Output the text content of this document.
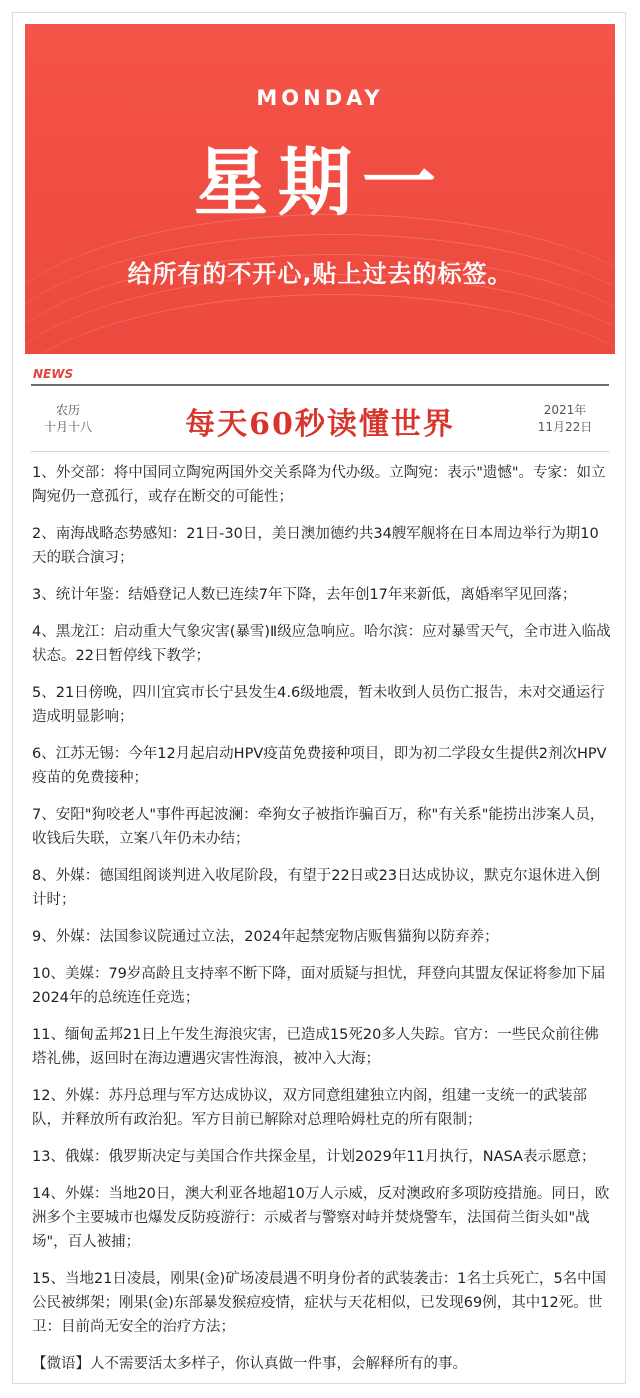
MONDAY
星期一
给所有的不开心,贴上过去的标签。
NEWS
农历
十月十八	每天60秒读懂世界	2021年
11月22日
1、外交部：将中国同立陶宛两国外交关系降为代办级。立陶宛：表示"遗憾"。专家：如立陶宛仍一意孤行，或存在断交的可能性；
2、南海战略态势感知：21日-30日，美日澳加德约共34艘军舰将在日本周边举行为期10天的联合演习；
3、统计年鉴：结婚登记人数已连续7年下降，去年创17年来新低，离婚率罕见回落；
4、黑龙江：启动重大气象灾害(暴雪)Ⅱ级应急响应。哈尔滨：应对暴雪天气，全市进入临战状态。22日暂停线下教学；
5、21日傍晚，四川宜宾市长宁县发生4.6级地震，暂未收到人员伤亡报告，未对交通运行造成明显影响；
6、江苏无锡：今年12月起启动HPV疫苗免费接种项目，即为初二学段女生提供2剂次HPV疫苗的免费接种；
7、安阳"狗咬老人"事件再起波澜：牵狗女子被指诈骗百万，称"有关系"能捞出涉案人员，收钱后失联，立案八年仍未办结；
8、外媒：德国组阁谈判进入收尾阶段，有望于22日或23日达成协议，默克尔退休进入倒计时；
9、外媒：法国参议院通过立法，2024年起禁宠物店贩售猫狗以防弃养；
10、美媒：79岁高龄且支持率不断下降，面对质疑与担忧，拜登向其盟友保证将参加下届2024年的总统连任竞选；
11、缅甸孟邦21日上午发生海浪灾害，已造成15死20多人失踪。官方：一些民众前往佛塔礼佛，返回时在海边遭遇灾害性海浪，被冲入大海；
12、外媒：苏丹总理与军方达成协议，双方同意组建独立内阁，组建一支统一的武装部队，并释放所有政治犯。军方目前已解除对总理哈姆杜克的所有限制；
13、俄媒：俄罗斯决定与美国合作共探金星，计划2029年11月执行，NASA表示愿意；
14、外媒：当地20日，澳大利亚各地超10万人示威，反对澳政府多项防疫措施。同日，欧洲多个主要城市也爆发反防疫游行：示威者与警察对峙并焚烧警车，法国荷兰街头如"战场"，百人被捕；
15、当地21日凌晨，刚果(金)矿场凌晨遇不明身份者的武装袭击：1名士兵死亡，5名中国公民被绑架；刚果(金)东部暴发猴痘疫情，症状与天花相似，已发现69例，其中12死。世卫：目前尚无安全的治疗方法；
【微语】人不需要活太多样子，你认真做一件事，会解释所有的事。
